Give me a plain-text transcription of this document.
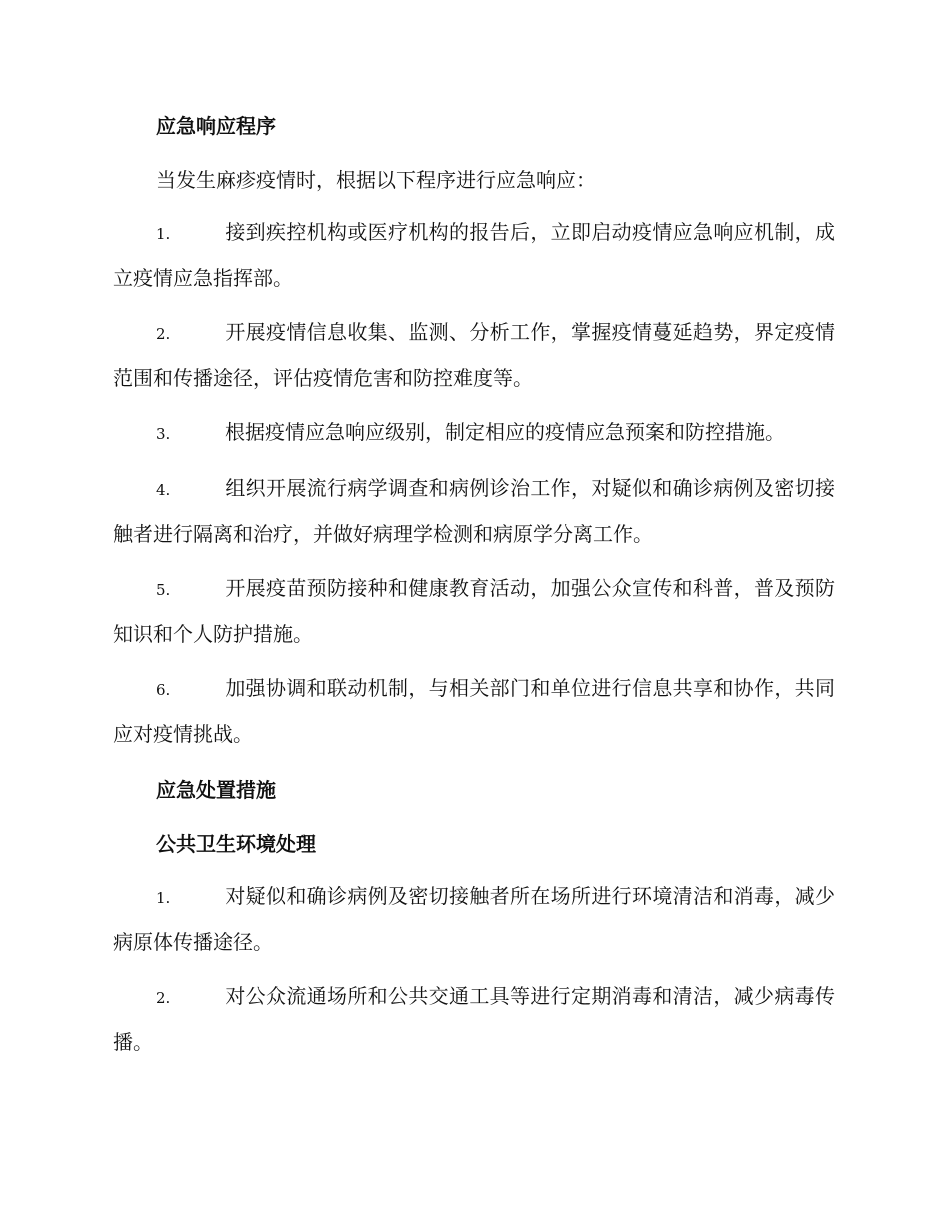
应急响应程序
当发生麻疹疫情时，根据以下程序进行应急响应：
1.	接到疾控机构或医疗机构的报告后，立即启动疫情应急响应机制，成立疫情应急指挥部。
2.	开展疫情信息收集、监测、分析工作，掌握疫情蔓延趋势，界定疫情范围和传播途径，评估疫情危害和防控难度等。
3.	根据疫情应急响应级别，制定相应的疫情应急预案和防控措施。
4.	组织开展流行病学调查和病例诊治工作，对疑似和确诊病例及密切接触者进行隔离和治疗，并做好病理学检测和病原学分离工作。
5.	开展疫苗预防接种和健康教育活动，加强公众宣传和科普，普及预防知识和个人防护措施。
6.	加强协调和联动机制，与相关部门和单位进行信息共享和协作，共同应对疫情挑战。
应急处置措施
公共卫生环境处理
1.	对疑似和确诊病例及密切接触者所在场所进行环境清洁和消毒，减少病原体传播途径。
2.	对公众流通场所和公共交通工具等进行定期消毒和清洁，减少病毒传播。
